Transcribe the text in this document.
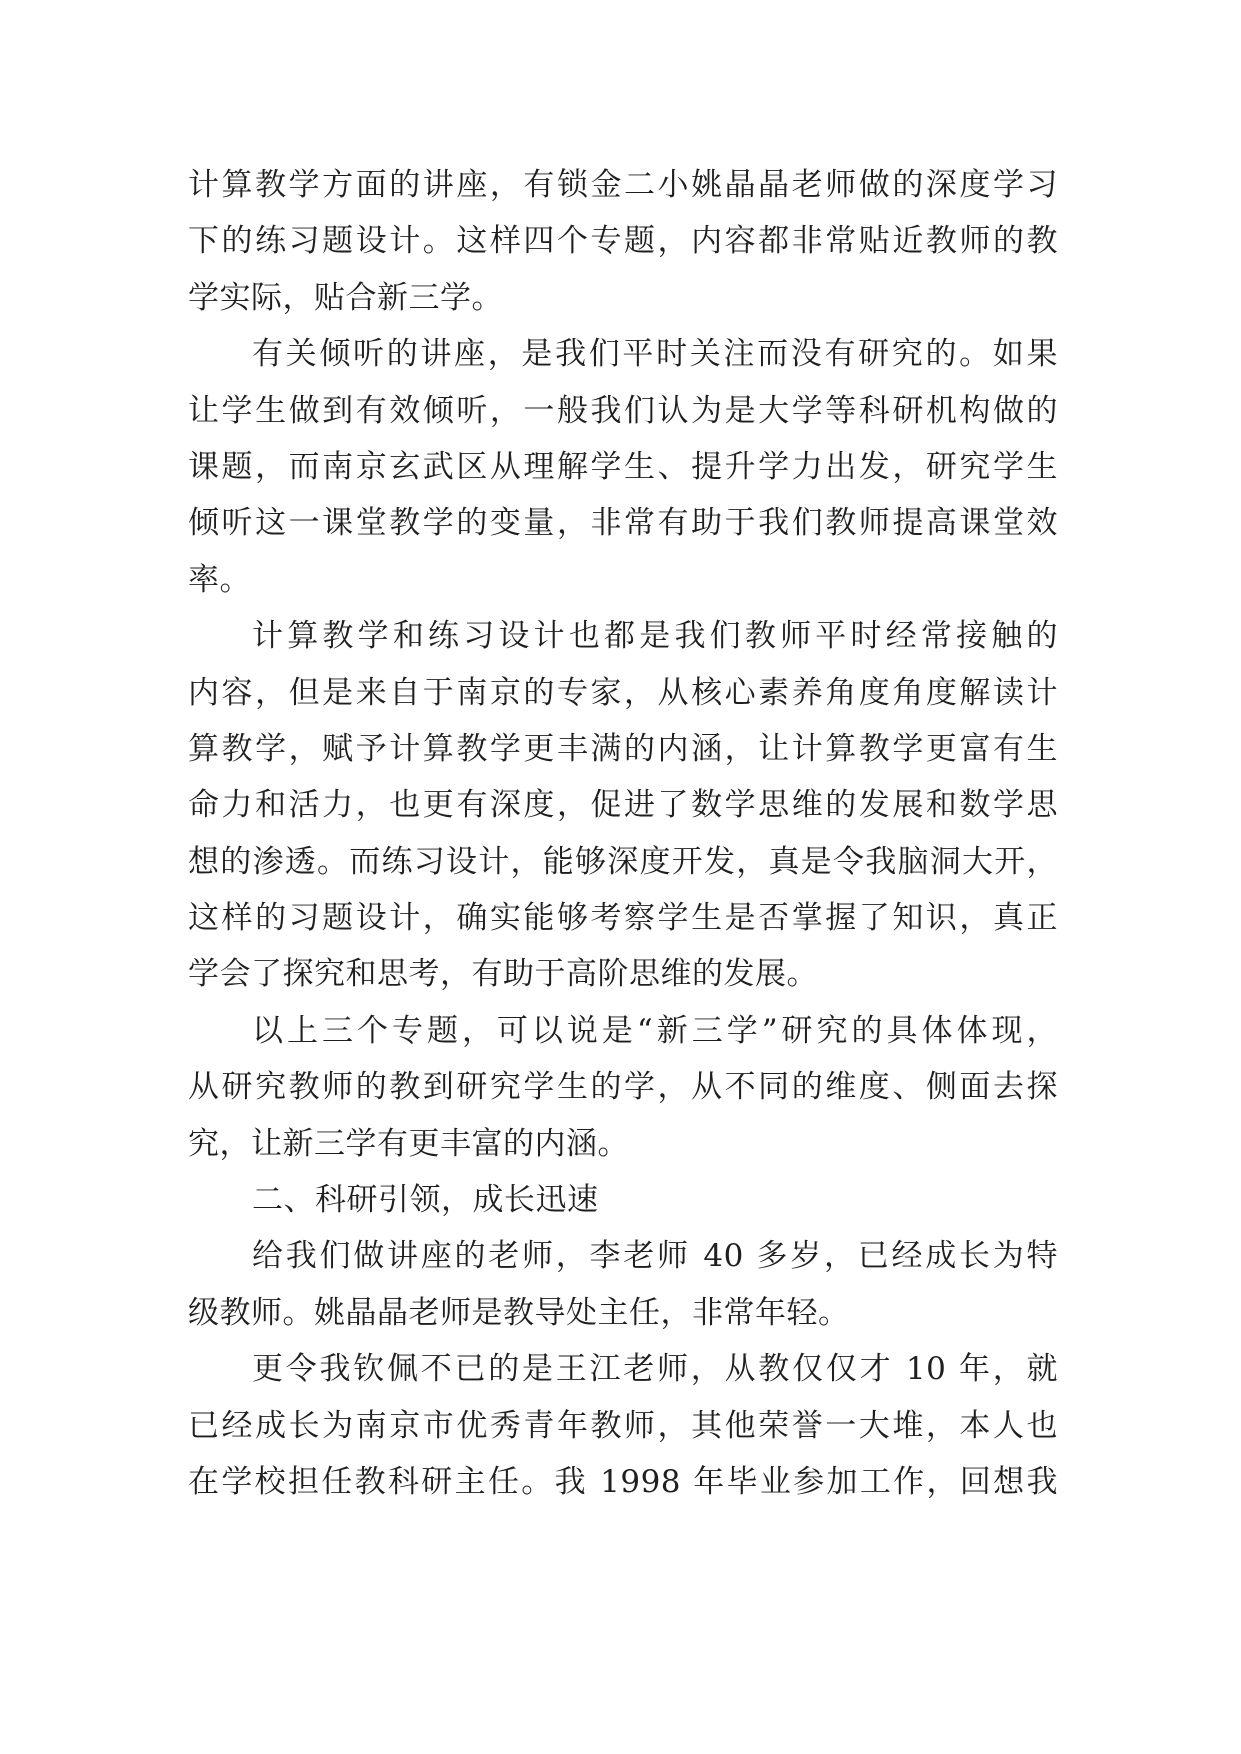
计算教学方面的讲座，有锁金二小姚晶晶老师做的深度学习
下的练习题设计。这样四个专题，内容都非常贴近教师的教
学实际，贴合新三学。
有关倾听的讲座，是我们平时关注而没有研究的。如果
让学生做到有效倾听，一般我们认为是大学等科研机构做的
课题，而南京玄武区从理解学生、提升学力出发，研究学生
倾听这一课堂教学的变量，非常有助于我们教师提高课堂效
率。
计算教学和练习设计也都是我们教师平时经常接触的
内容，但是来自于南京的专家，从核心素养角度角度解读计
算教学，赋予计算教学更丰满的内涵，让计算教学更富有生
命力和活力，也更有深度，促进了数学思维的发展和数学思
想的渗透。而练习设计，能够深度开发，真是令我脑洞大开，
这样的习题设计，确实能够考察学生是否掌握了知识，真正
学会了探究和思考，有助于高阶思维的发展。
以上三个专题，可以说是“新三学”研究的具体体现，
从研究教师的教到研究学生的学，从不同的维度、侧面去探
究，让新三学有更丰富的内涵。
二、科研引领，成长迅速
给我们做讲座的老师，李老师 40 多岁，已经成长为特
级教师。姚晶晶老师是教导处主任，非常年轻。
更令我钦佩不已的是王江老师，从教仅仅才 10 年，就
已经成长为南京市优秀青年教师，其他荣誉一大堆，本人也
在学校担任教科研主任。我 1998 年毕业参加工作，回想我
